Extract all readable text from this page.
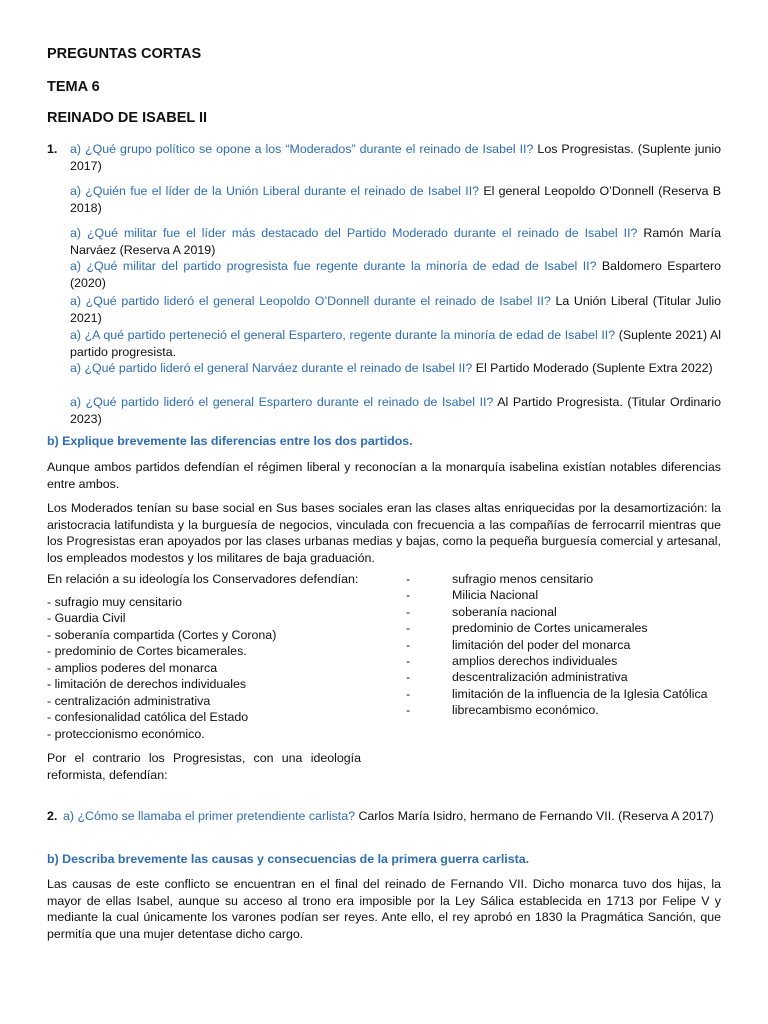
PREGUNTAS CORTAS
TEMA 6
REINADO DE ISABEL II
1. a) ¿Qué grupo político se opone a los “Moderados” durante el reinado de Isabel II? Los Progresistas. (Suplente junio 2017)

a) ¿Quién fue el líder de la Unión Liberal durante el reinado de Isabel II? El general Leopoldo O’Donnell (Reserva B 2018)

a) ¿Qué militar fue el líder más destacado del Partido Moderado durante el reinado de Isabel II? Ramón María Narváez (Reserva A 2019)

a) ¿Qué militar del partido progresista fue regente durante la minoría de edad de Isabel II? Baldomero Espartero (2020)

a) ¿Qué partido lideró el general Leopoldo O’Donnell durante el reinado de Isabel II? La Unión Liberal (Titular Julio 2021)

a) ¿A qué partido perteneció el general Espartero, regente durante la minoría de edad de Isabel II? (Suplente 2021) Al partido progresista.

a) ¿Qué partido lideró el general Narváez durante el reinado de Isabel II? El Partido Moderado (Suplente Extra 2022)

a) ¿Qué partido lideró el general Espartero durante el reinado de Isabel II? Al Partido Progresista. (Titular Ordinario 2023)

b) Explique brevemente las diferencias entre los dos partidos.

Aunque ambos partidos defendían el régimen liberal y reconocían a la monarquía isabelina existían notables diferencias entre ambos.

Los Moderados tenían su base social en Sus bases sociales eran las clases altas enriquecidas por la desamortización: la aristocracia latifundista y la burguesía de negocios, vinculada con frecuencia a las compañías de ferrocarril mientras que los Progresistas eran apoyados por las clases urbanas medias y bajas, como la pequeña burguesía comercial y artesanal, los empleados modestos y los militares de baja graduación.

En relación a su ideología los Conservadores defendían:

- sufragio muy censitario
- Guardia Civil
- soberanía compartida (Cortes y Corona)
- predominio de Cortes bicamerales.
- amplios poderes del monarca
- limitación de derechos individuales
- centralización administrativa
- confesionalidad católica del Estado
- proteccionismo económico.

Por el contrario los Progresistas, con una ideología reformista, defendían:

-	sufragio menos censitario
-	Milicia Nacional
-	soberanía nacional
-	predominio de Cortes unicamerales
-	limitación del poder del monarca
-	amplios derechos individuales
-	descentralización administrativa
-	limitación de la influencia de la Iglesia Católica
-	librecambismo económico.
2. a) ¿Cómo se llamaba el primer pretendiente carlista? Carlos María Isidro, hermano de Fernando VII. (Reserva A 2017)

b) Describa brevemente las causas y consecuencias de la primera guerra carlista.

Las causas de este conflicto se encuentran en el final del reinado de Fernando VII. Dicho monarca tuvo dos hijas, la mayor de ellas Isabel, aunque su acceso al trono era imposible por la Ley Sálica establecida en 1713 por Felipe V y mediante la cual únicamente los varones podían ser reyes. Ante ello, el rey aprobó en 1830 la Pragmática Sanción, que permitía que una mujer detentase dicho cargo.
